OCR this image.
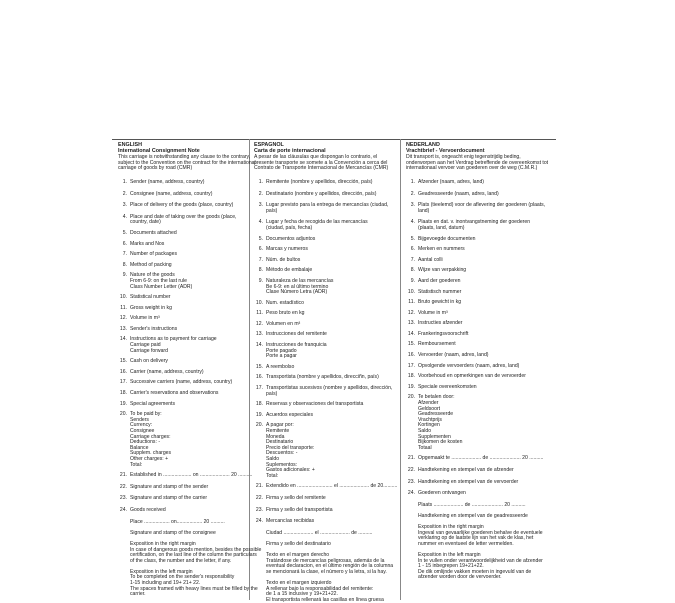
ENGLISH
International Consignment Note
This carriage is notwithstanding any clause to the contrary, subject to the Convention on the contract for the international carriage of goods by road (CMR)
1. Sender (name, address, country)
2. Consignee (name, address, country)
3. Place of delivery of the goods (place, country)
4. Place and date of taking over the goods (place,
country, date)
5. Documents attached
6. Marks and Nos
7. Number of packages
8. Method of packing
9. Nature of the goods
From 6-9: on the last rule
Class Number Letter (ADR)
10. Statistical number
11. Gross weight in kg
12. Volume in m³
13. Sender's instructions
14. Instructions as to payment for carriage
Carriage paid
Carriage forward
15. Cash on delivery
16. Carrier (name, address, country)
17. Successive carriers (name, address, country)
18. Carrier's reservations and observations
19. Special agreements
20. To be paid by:
Senders
Currency:
Consignee
Carriage charges:
Deductions: -
Balance
Supplem. charges
Other charges: +
Total:
21. Established in .................... on ..................... 20 ..........
22. Signature and stamp of the sender
23. Signature and stamp of the carrier
24. Goods received
Place .................. on.................. 20 ..........

Signature and stamp of the consignee

Exposition in the right margin
In case of dangerous goods mention, besides the possible certification, on the last line of the column the particulars of the class, the number and the letter, if any.

Exposition in the left margin
To be completed on the sender's responsibility
1-15 including and 19+ 21+ 22.
The spaces framed with heavy lines must be filled by the carrier.
ESPAGNOL
Carta de porte internacional
A pesar de las cláusulas que dispongan lo contrario, el presente transporte se somete a la Convención a cerca del Contrato de Transporte Internacional de Mercancías (CMR)
1. Remitente (nombre y apellidos, dirección, país)
2. Destinatario (nombre y apellidos, dirección, país)
3. Lugar previsto para la entrega de mercancías (ciudad, país)
4. Lugar y fecha de recogida de las mercancías
(ciudad, país, fecha)
5. Documentos adjuntos
6. Marcas y numeros
7. Núm. de bultos
8. Método de embalaje
9. Naturaleza de las mercancías
Be 6-9: en al último termino
Clase Número Letra (ADR)
10. Num. estadístico
11. Peso bruto en kg
12. Volumen en m³
13. Instrucciones del remitente
14. Instrucciones de franquicia
Porte pagado
Porte a pagar
15. A reembolso
16. Transportista (nombre y apellidos, direcciñn, país)
17. Transportistas sucesivos (nombre y apellidos, dirección, país)
18. Reservas y observaciones del transportista
19. Acuerdos especiales
20. A pagar por:
Remitente
Moneda
Destinatario
Precio del transporte:
Descuentos: -
Saldo
Suplementos:
Gastos adicionales: +
Total:
21. Extendido en ......................... el ..................... de 20..........
22. Firma y sello del remitente
23. Firma y sello del transportista
24. Mercancías recibidas
Ciudad ..................... el ..................... de ..........

Firma y sello del destinatario

Texto en el margen derecho
Tratándose de mercancías peligrosas, además de la eventual declaracion, en el último rengión de la columna se mencionará la clase, el número y la letra, si la hay.

Texto en el margen izquierdo
A rellenar bajo la responsabilidad del remitente:
de 1 a 15 inclusive y 19+21+22.
El transportista rellenará las casillas en línea gruesa
NEDERLAND
Vrachtbrief - Vervoerdocument
Dit transport is, ongeacht enig tegenstrijdig beding, onderworpen aan het Verdrag betreffende de overeenkomst tot internationaal vervoer van goederen over de weg (C.M.R.)
1. Afzender (naam, adres, land)
2. Geadresseerde (naam, adres, land)
3. Plats (tieelemd) voor de aflevering der goederen (plaats, land)
4. Plaats en dat. v. inontvangstneming der goederen
(plaats, land, datum)
5. Bijgevoegde documenten
6. Merken en nummers
7. Aantal colli
8. Wijze van verpakking
9. Aard der goederen
10. Statistisch nummer
11. Bruto gewicht in kg
12. Volume in m³
13. Instructies afzender
14. Frankeringsvoorschrift
15. Remboursement
16. Vervoerder (naam, adres, land)
17. Opvolgende vervoerders (naam, adres, land)
18. Voorbehoud en opmerkingen van de vervoerder
19. Speciale overeenkomsten
20. Te betalen door:
Afzender
Geldsoort
Geadresseerde
Vrachtprijs
Kortingen
Saldo
Supplementen
Bijkomen de kosten
Totaal
21. Opgemaakt te ..................... de ...................... 20 ..........
22. Handtekening en stempel van de afzender
23. Handtekening en stempel van de vervoerder
24. Goederen ontvangen
Plaats ..................... de ...................... 20 ..........

Handtekening en stempel van de geadresseerde

Exposition in the right margin
Ingeval van gevaarlijke goederen behalve de eventuele verklaring op de laatste lijn van het vak de klas, het nummer en eventueel de letter vermelden.

Exposition in the left margin
In te vullen onder verantwoordelijkheid van de afzender
1 - 15 inbegrepen 19+21+22.
De dik omlijnde vakken moeten in ingevuld van de afzender worden door de vervoerder.
